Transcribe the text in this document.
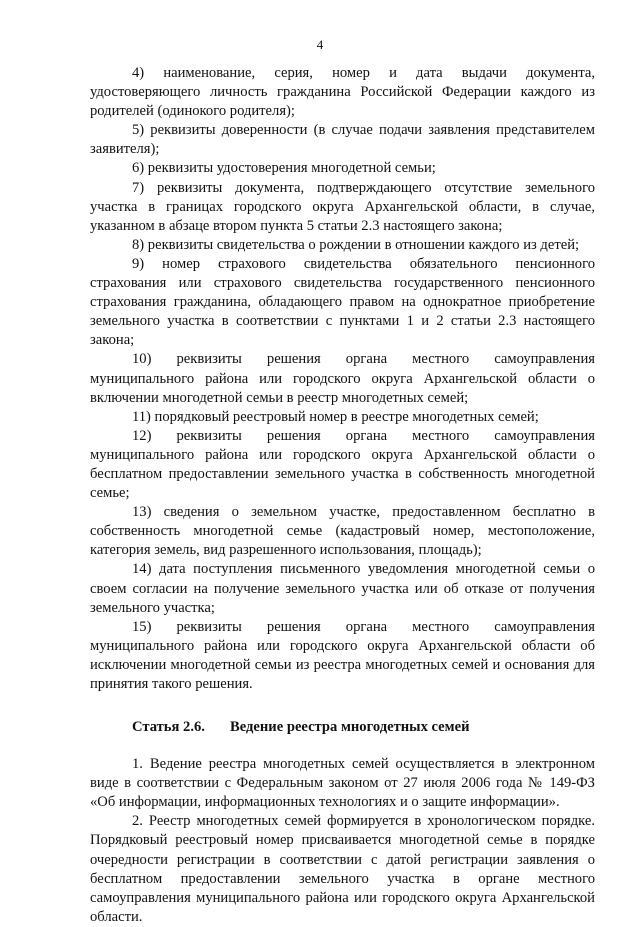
4

4) наименование, серия, номер и дата выдачи документа, удостоверяющего личность гражданина Российской Федерации каждого из родителей (одинокого родителя);

5) реквизиты доверенности (в случае подачи заявления представителем заявителя);

6) реквизиты удостоверения многодетной семьи;

7) реквизиты документа, подтверждающего отсутствие земельного участка в границах городского округа Архангельской области, в случае, указанном в абзаце втором пункта 5 статьи 2.3 настоящего закона;

8) реквизиты свидетельства о рождении в отношении каждого из детей;

9) номер страхового свидетельства обязательного пенсионного страхования или страхового свидетельства государственного пенсионного страхования гражданина, обладающего правом на однократное приобретение земельного участка в соответствии с пунктами 1 и 2 статьи 2.3 настоящего закона;

10) реквизиты решения органа местного самоуправления муниципального района или городского округа Архангельской области о включении многодетной семьи в реестр многодетных семей;

11) порядковый реестровый номер в реестре многодетных семей;

12) реквизиты решения органа местного самоуправления муниципального района или городского округа Архангельской области о бесплатном предоставлении земельного участка в собственность многодетной семье;

13) сведения о земельном участке, предоставленном бесплатно в собственность многодетной семье (кадастровый номер, местоположение, категория земель, вид разрешенного использования, площадь);

14) дата поступления письменного уведомления многодетной семьи о своем согласии на получение земельного участка или об отказе от получения земельного участка;

15) реквизиты решения органа местного самоуправления муниципального района или городского округа Архангельской области об исключении многодетной семьи из реестра многодетных семей и основания для принятия такого решения.

Статья 2.6. Ведение реестра многодетных семей

1. Ведение реестра многодетных семей осуществляется в электронном виде в соответствии с Федеральным законом от 27 июля 2006 года № 149-ФЗ «Об информации, информационных технологиях и о защите информации».

2. Реестр многодетных семей формируется в хронологическом порядке. Порядковый реестровый номер присваивается многодетной семье в порядке очередности регистрации в соответствии с датой регистрации заявления о бесплатном предоставлении земельного участка в органе местного самоуправления муниципального района или городского округа Архангельской области.
